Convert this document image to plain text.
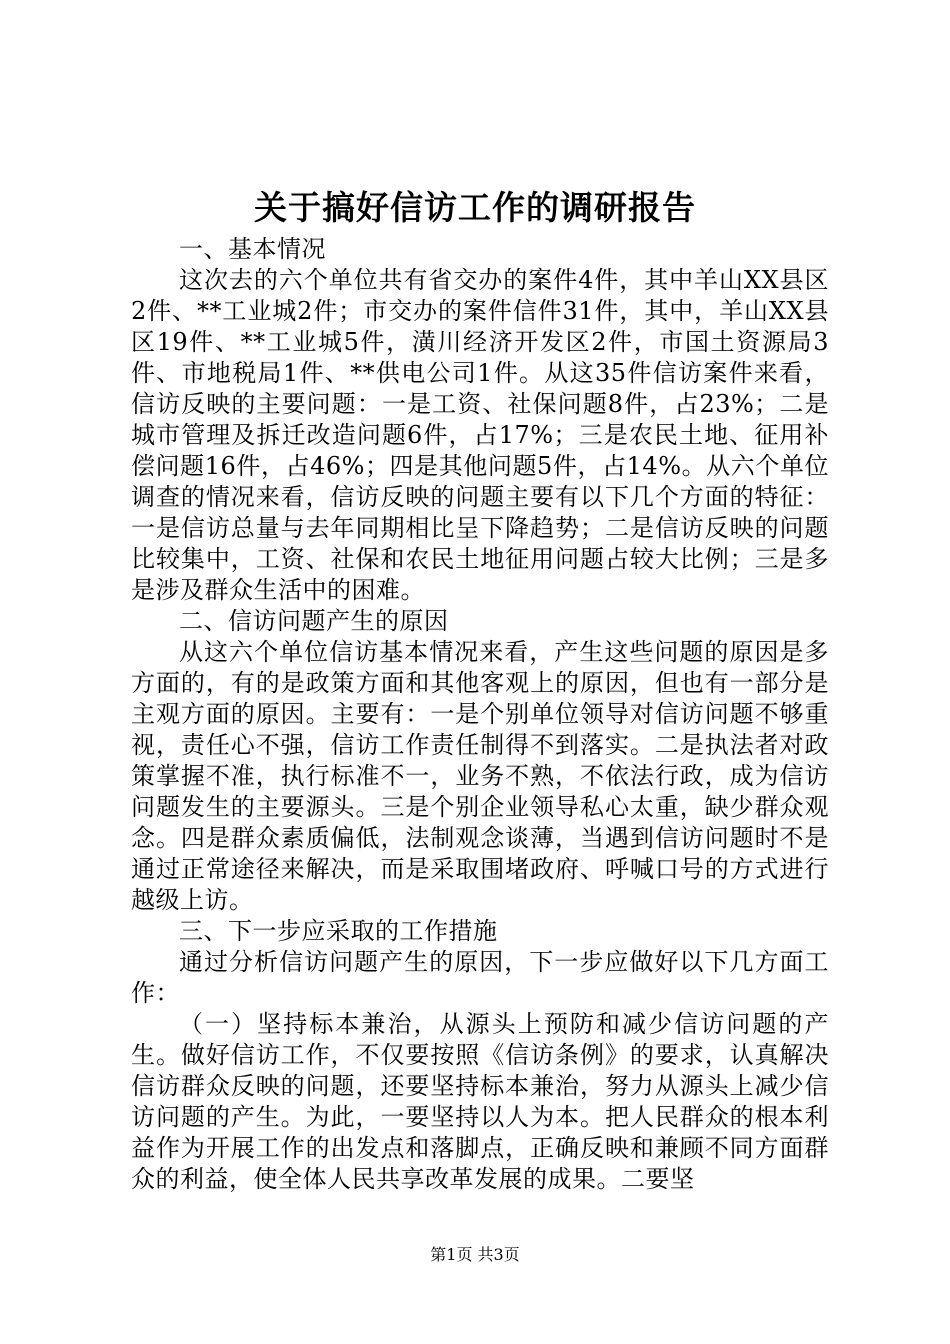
关于搞好信访工作的调研报告

一、基本情况

这次去的六个单位共有省交办的案件4件，其中羊山XX县区2件、**工业城2件；市交办的案件信件31件，其中，羊山XX县区19件、**工业城5件，潢川经济开发区2件，市国土资源局3件、市地税局1件、**供电公司1件。从这35件信访案件来看，信访反映的主要问题：一是工资、社保问题8件，占23%；二是城市管理及拆迁改造问题6件，占17%；三是农民土地、征用补偿问题16件，占46%；四是其他问题5件，占14%。从六个单位调查的情况来看，信访反映的问题主要有以下几个方面的特征：一是信访总量与去年同期相比呈下降趋势；二是信访反映的问题比较集中，工资、社保和农民土地征用问题占较大比例；三是多是涉及群众生活中的困难。

二、信访问题产生的原因

从这六个单位信访基本情况来看，产生这些问题的原因是多方面的，有的是政策方面和其他客观上的原因，但也有一部分是主观方面的原因。主要有：一是个别单位领导对信访问题不够重视，责任心不强，信访工作责任制得不到落实。二是执法者对政策掌握不准，执行标准不一，业务不熟，不依法行政，成为信访问题发生的主要源头。三是个别企业领导私心太重，缺少群众观念。四是群众素质偏低，法制观念谈薄，当遇到信访问题时不是通过正常途径来解决，而是采取围堵政府、呼喊口号的方式进行越级上访。

三、下一步应采取的工作措施

通过分析信访问题产生的原因，下一步应做好以下几方面工作：

（一）坚持标本兼治，从源头上预防和减少信访问题的产生。做好信访工作，不仅要按照《信访条例》的要求，认真解决信访群众反映的问题，还要坚持标本兼治，努力从源头上减少信访问题的产生。为此，一要坚持以人为本。把人民群众的根本利益作为开展工作的出发点和落脚点，正确反映和兼顾不同方面群众的利益，使全体人民共享改革发展的成果。二要坚

第1页 共3页
